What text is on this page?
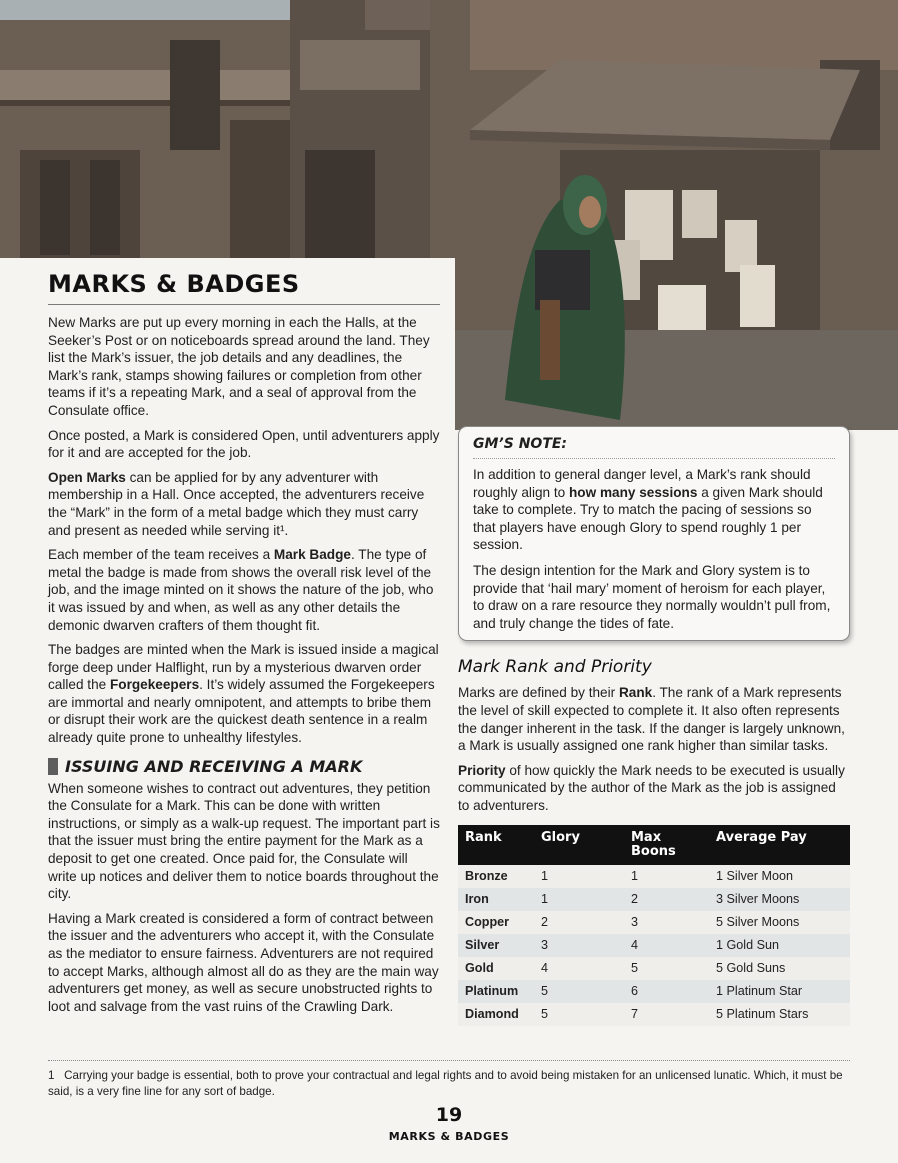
MARKS & BADGES

New Marks are put up every morning in each the Halls, at the Seeker’s Post or on noticeboards spread around the land. They list the Mark’s issuer, the job details and any deadlines, the Mark’s rank, stamps showing failures or completion from other teams if it’s a repeating Mark, and a seal of approval from the Consulate office.

Once posted, a Mark is considered Open, until adventurers apply for it and are accepted for the job.

Open Marks can be applied for by any adventurer with membership in a Hall. Once accepted, the adventurers receive the “Mark” in the form of a metal badge which they must carry and present as needed while serving it¹.

Each member of the team receives a Mark Badge. The type of metal the badge is made from shows the overall risk level of the job, and the image minted on it shows the nature of the job, who it was issued by and when, as well as any other details the demonic dwarven crafters of them thought fit.

The badges are minted when the Mark is issued inside a magical forge deep under Halflight, run by a mysterious dwarven order called the Forgekeepers. It’s widely assumed the Forgekeepers are immortal and nearly omnipotent, and attempts to bribe them or disrupt their work are the quickest death sentence in a realm already quite prone to unhealthy lifestyles.

ISSUING AND RECEIVING A MARK

When someone wishes to contract out adventures, they petition the Consulate for a Mark. This can be done with written instructions, or simply as a walk-up request. The important part is that the issuer must bring the entire payment for the Mark as a deposit to get one created. Once paid for, the Consulate will write up notices and deliver them to notice boards throughout the city.

Having a Mark created is considered a form of contract between the issuer and the adventurers who accept it, with the Consulate as the mediator to ensure fairness. Adventurers are not required to accept Marks, although almost all do as they are the main way adventurers get money, as well as secure unobstructed rights to loot and salvage from the vast ruins of the Crawling Dark.

GM’S NOTE:

In addition to general danger level, a Mark’s rank should roughly align to how many sessions a given Mark should take to complete. Try to match the pacing of sessions so that players have enough Glory to spend roughly 1 per session.

The design intention for the Mark and Glory system is to provide that ‘hail mary’ moment of heroism for each player, to draw on a rare resource they normally wouldn’t pull from, and truly change the tides of fate.

Mark Rank and Priority

Marks are defined by their Rank. The rank of a Mark represents the level of skill expected to complete it. It also often represents the danger inherent in the task. If the danger is largely unknown, a Mark is usually assigned one rank higher than similar tasks.

Priority of how quickly the Mark needs to be executed is usually communicated by the author of the Mark as the job is assigned to adventurers.

Rank	Glory	Max Boons	Average Pay
Bronze	1	1	1 Silver Moon
Iron	1	2	3 Silver Moons
Copper	2	3	5 Silver Moons
Silver	3	4	1 Gold Sun
Gold	4	5	5 Gold Suns
Platinum	5	6	1 Platinum Star
Diamond	5	7	5 Platinum Stars
1 Carrying your badge is essential, both to prove your contractual and legal rights and to avoid being mistaken for an unlicensed lunatic. Which, it must be said, is a very fine line for any sort of badge.
19
MARKS & BADGES
